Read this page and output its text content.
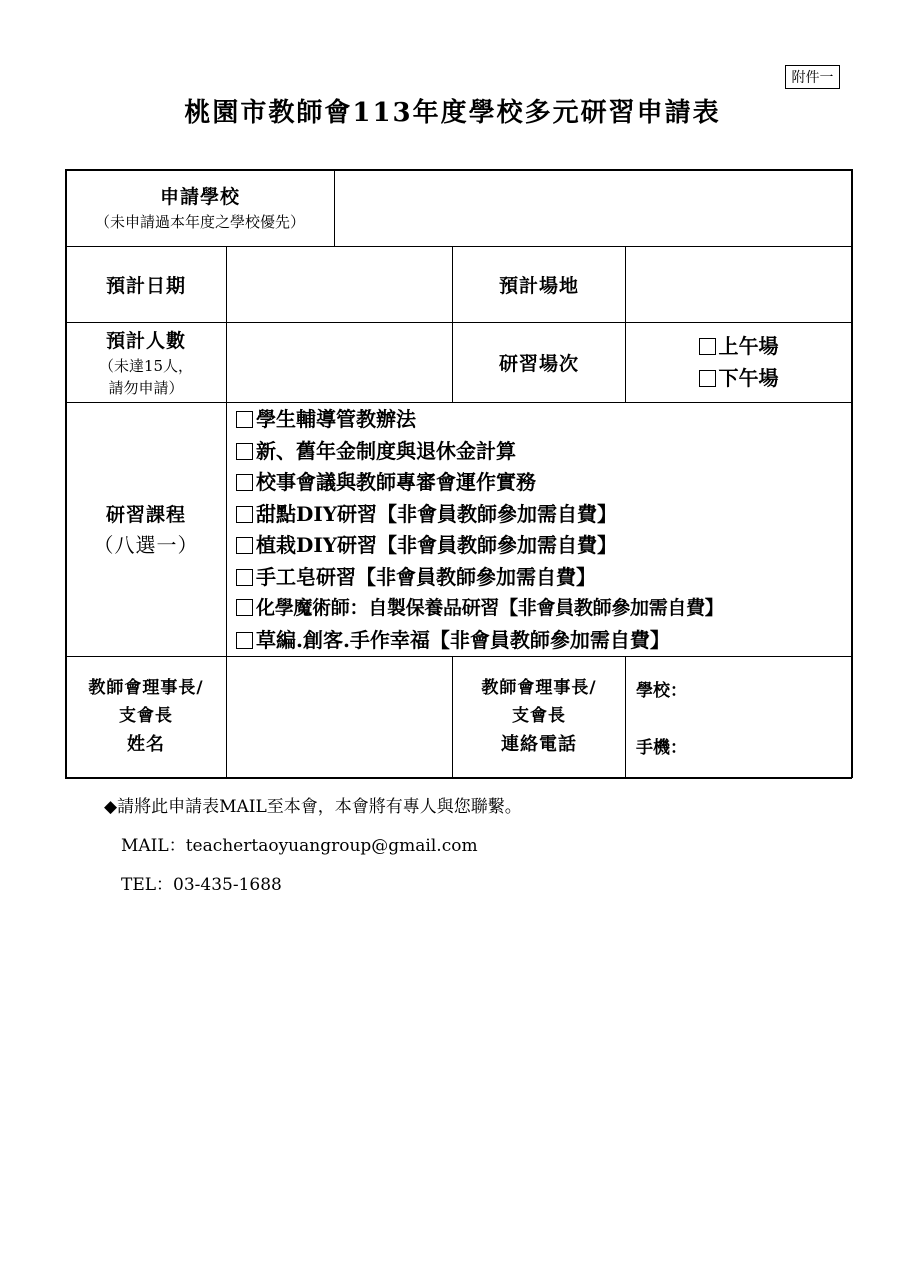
附件一
桃園市教師會113年度學校多元研習申請表
申請學校
（未申請過本年度之學校優先）
預計日期	預計場地
預計人數
（未達15人，
請勿申請）
研習場次
上午場
下午場
研習課程
（八選一）
學生輔導管教辦法
新、舊年金制度與退休金計算
校事會議與教師專審會運作實務
甜點DIY研習【非會員教師參加需自費】
植栽DIY研習【非會員教師參加需自費】
手工皂研習【非會員教師參加需自費】
化學魔術師：自製保養品研習【非會員教師參加需自費】
草編.創客.手作幸福【非會員教師參加需自費】
教師會理事長/
支會長
姓名
教師會理事長/
支會長
連絡電話
學校：
手機：
◆請將此申請表MAIL至本會，本會將有專人與您聯繫。
MAIL：teachertaoyuangroup@gmail.com
TEL：03-435-1688
